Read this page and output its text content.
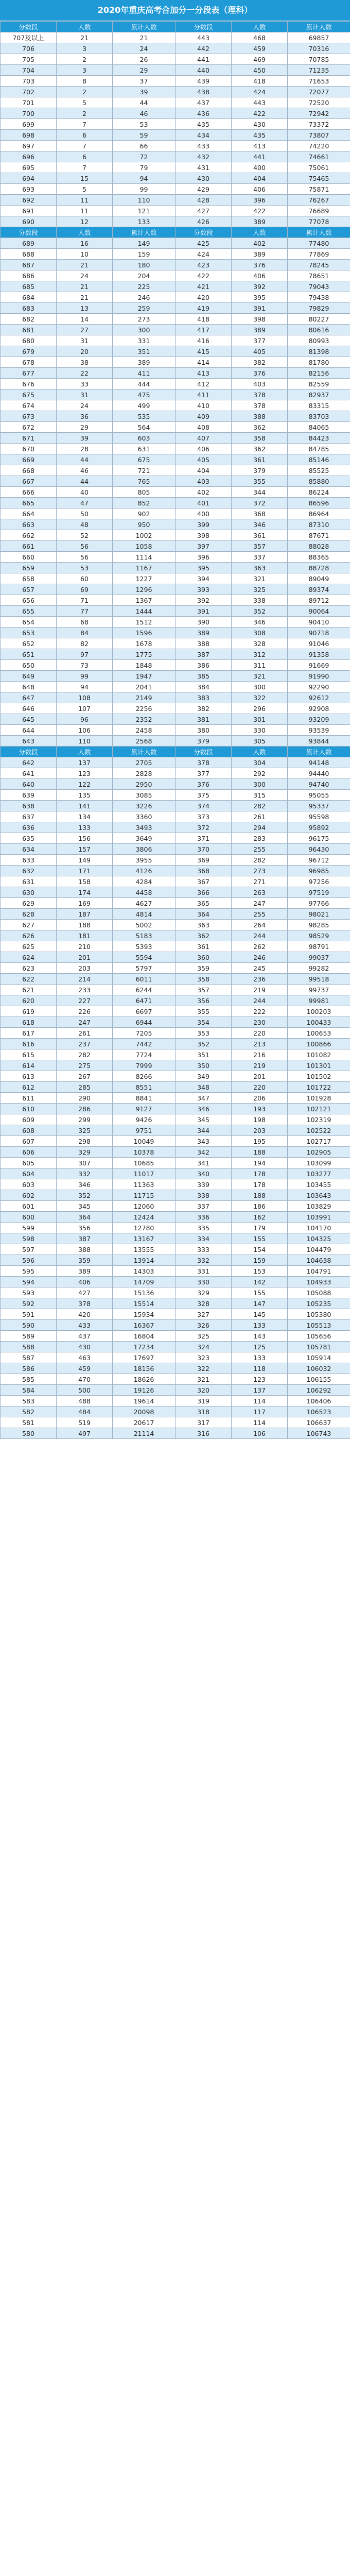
2020年重庆高考合加分一分段表（理科）
分数段	人数	累计人数	分数段	人数	累计人数
707及以上	21	21	443	468	69857
706	3	24	442	459	70316
705	2	26	441	469	70785
704	3	29	440	450	71235
703	8	37	439	418	71653
702	2	39	438	424	72077
701	5	44	437	443	72520
700	2	46	436	422	72942
699	7	53	435	430	73372
698	6	59	434	435	73807
697	7	66	433	413	74220
696	6	72	432	441	74661
695	7	79	431	400	75061
694	15	94	430	404	75465
693	5	99	429	406	75871
692	11	110	428	396	76267
691	11	121	427	422	76689
690	12	133	426	389	77078
分数段	人数	累计人数	分数段	人数	累计人数
689	16	149	425	402	77480
688	10	159	424	389	77869
687	21	180	423	376	78245
686	24	204	422	406	78651
685	21	225	421	392	79043
684	21	246	420	395	79438
683	13	259	419	391	79829
682	14	273	418	398	80227
681	27	300	417	389	80616
680	31	331	416	377	80993
679	20	351	415	405	81398
678	38	389	414	382	81780
677	22	411	413	376	82156
676	33	444	412	403	82559
675	31	475	411	378	82937
674	24	499	410	378	83315
673	36	535	409	388	83703
672	29	564	408	362	84065
671	39	603	407	358	84423
670	28	631	406	362	84785
669	44	675	405	361	85146
668	46	721	404	379	85525
667	44	765	403	355	85880
666	40	805	402	344	86224
665	47	852	401	372	86596
664	50	902	400	368	86964
663	48	950	399	346	87310
662	52	1002	398	361	87671
661	56	1058	397	357	88028
660	56	1114	396	337	88365
659	53	1167	395	363	88728
658	60	1227	394	321	89049
657	69	1296	393	325	89374
656	71	1367	392	338	89712
655	77	1444	391	352	90064
654	68	1512	390	346	90410
653	84	1596	389	308	90718
652	82	1678	388	328	91046
651	97	1775	387	312	91358
650	73	1848	386	311	91669
649	99	1947	385	321	91990
648	94	2041	384	300	92290
647	108	2149	383	322	92612
646	107	2256	382	296	92908
645	96	2352	381	301	93209
644	106	2458	380	330	93539
643	110	2568	379	305	93844
分数段	人数	累计人数	分数段	人数	累计人数
642	137	2705	378	304	94148
641	123	2828	377	292	94440
640	122	2950	376	300	94740
639	135	3085	375	315	95055
638	141	3226	374	282	95337
637	134	3360	373	261	95598
636	133	3493	372	294	95892
635	156	3649	371	283	96175
634	157	3806	370	255	96430
633	149	3955	369	282	96712
632	171	4126	368	273	96985
631	158	4284	367	271	97256
630	174	4458	366	263	97519
629	169	4627	365	247	97766
628	187	4814	364	255	98021
627	188	5002	363	264	98285
626	181	5183	362	244	98529
625	210	5393	361	262	98791
624	201	5594	360	246	99037
623	203	5797	359	245	99282
622	214	6011	358	236	99518
621	233	6244	357	219	99737
620	227	6471	356	244	99981
619	226	6697	355	222	100203
618	247	6944	354	230	100433
617	261	7205	353	220	100653
616	237	7442	352	213	100866
615	282	7724	351	216	101082
614	275	7999	350	219	101301
613	267	8266	349	201	101502
612	285	8551	348	220	101722
611	290	8841	347	206	101928
610	286	9127	346	193	102121
609	299	9426	345	198	102319
608	325	9751	344	203	102522
607	298	10049	343	195	102717
606	329	10378	342	188	102905
605	307	10685	341	194	103099
604	332	11017	340	178	103277
603	346	11363	339	178	103455
602	352	11715	338	188	103643
601	345	12060	337	186	103829
600	364	12424	336	162	103991
599	356	12780	335	179	104170
598	387	13167	334	155	104325
597	388	13555	333	154	104479
596	359	13914	332	159	104638
595	389	14303	331	153	104791
594	406	14709	330	142	104933
593	427	15136	329	155	105088
592	378	15514	328	147	105235
591	420	15934	327	145	105380
590	433	16367	326	133	105513
589	437	16804	325	143	105656
588	430	17234	324	125	105781
587	463	17697	323	133	105914
586	459	18156	322	118	106032
585	470	18626	321	123	106155
584	500	19126	320	137	106292
583	488	19614	319	114	106406
582	484	20098	318	117	106523
581	519	20617	317	114	106637
580	497	21114	316	106	106743
